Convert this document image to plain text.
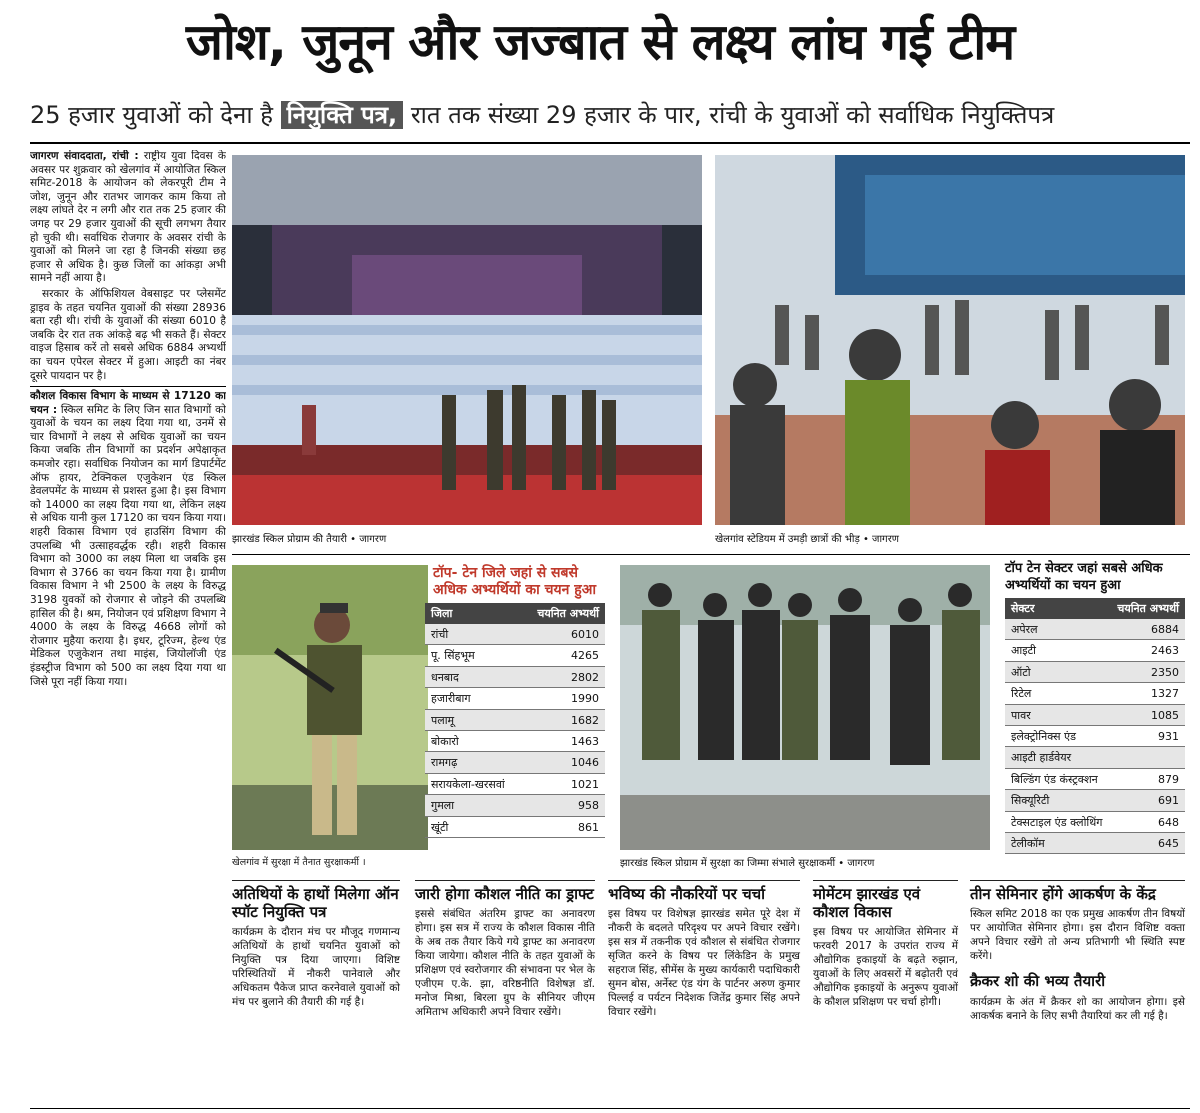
जोश, जुनून और जज्बात से लक्ष्य लांघ गई टीम
25 हजार युवाओं को देना है नियुक्ति पत्र, रात तक संख्या 29 हजार के पार, रांची के युवाओं को सर्वाधिक नियुक्तिपत्र

जागरण संवाददाता, रांची : राष्ट्रीय युवा दिवस के अवसर पर शुक्रवार को खेलगांव में आयोजित स्किल समिट-2018 के आयोजन को लेकरपूरी टीम ने जोश, जुनून और रातभर जागकर काम किया तो लक्ष्य लांघते देर न लगी और रात तक 25 हजार की जगह पर 29 हजार युवाओं की सूची लगभग तैयार हो चुकी थी। सर्वाधिक रोजगार के अवसर रांची के युवाओं को मिलने जा रहा है जिनकी संख्या छह हजार से अधिक है। कुछ जिलों का आंकड़ा अभी सामने नहीं आया है।

सरकार के ऑफिशियल वेबसाइट पर प्लेसमेंट ड्राइव के तहत चयनित युवाओं की संख्या 28936 बता रही थी। रांची के युवाओं की संख्या 6010 है जबकि देर रात तक आंकड़े बढ़ भी सकते हैं। सेक्टर वाइज हिसाब करें तो सबसे अधिक 6884 अभ्यर्थी का चयन एपेरल सेक्टर में हुआ। आइटी का नंबर दूसरे पायदान पर है।

कौशल विकास विभाग के माध्यम से 17120 का चयन : स्किल समिट के लिए जिन सात विभागों को युवाओं के चयन का लक्ष्य दिया गया था, उनमें से चार विभागों ने लक्ष्य से अधिक युवाओं का चयन किया जबकि तीन विभागों का प्रदर्शन अपेक्षाकृत कमजोर रहा। सर्वाधिक नियोजन का मार्ग डिपार्टमेंट ऑफ हायर, टेक्निकल एजुकेशन एंड स्किल डेवलपमेंट के माध्यम से प्रशस्त हुआ है। इस विभाग को 14000 का लक्ष्य दिया गया था, लेकिन लक्ष्य से अधिक यानी कुल 17120 का चयन किया गया। शहरी विकास विभाग एवं हाउसिंग विभाग की उपलब्धि भी उत्साहवर्द्धक रही। शहरी विकास विभाग को 3000 का लक्ष्य मिला था जबकि इस विभाग से 3766 का चयन किया गया है। ग्रामीण विकास विभाग ने भी 2500 के लक्ष्य के विरुद्ध 3198 युवकों को रोजगार से जोड़ने की उपलब्धि हासिल की है। श्रम, नियोजन एवं प्रशिक्षण विभाग ने 4000 के लक्ष्य के विरुद्ध 4668 लोगों को रोजगार मुहैया कराया है। इधर, टूरिज्म, हेल्थ एंड मेडिकल एजुकेशन तथा माइंस, जियोलॉजी एंड इंडस्ट्रीज विभाग को 500 का लक्ष्य दिया गया था जिसे पूरा नहीं किया गया।

झारखंड स्किल प्रोग्राम की तैयारी • जागरण	खेलगांव स्टेडियम में उमड़ी छात्रों की भीड़ • जागरण
खेलगांव में सुरक्षा में तैनात सुरक्षाकर्मी ।
टॉप- टेन जिले जहां से सबसे अधिक अभ्यर्थियों का चयन हुआ
जिला	चयनित अभ्यर्थी
रांची	6010
पू. सिंहभूम	4265
धनबाद	2802
हजारीबाग	1990
पलामू	1682
बोकारो	1463
रामगढ़	1046
सरायकेला-खरसवां	1021
गुमला	958
खूंटी	861
झारखंड स्किल प्रोग्राम में सुरक्षा का जिम्मा संभाले सुरक्षाकर्मी • जागरण
टॉप टेन सेक्टर जहां सबसे अधिक अभ्यर्थियों का चयन हुआ
सेक्टर	चयनित अभ्यर्थी
अपेरल	6884
आइटी	2463
ऑटो	2350
रिटेल	1327
पावर	1085
इलेक्ट्रोनिक्स एंड	931
आइटी हार्डवेयर
बिल्डिंग एंड कंस्ट्रक्शन	879
सिक्यूरिटी	691
टेक्सटाइल एंड क्लोथिंग	648
टेलीकॉम	645
अतिथियों के हाथों मिलेगा ऑन स्पॉट नियुक्ति पत्र

कार्यक्रम के दौरान मंच पर मौजूद गणमान्य अतिथियों के हाथों चयनित युवाओं को नियुक्ति पत्र दिया जाएगा। विशिष्ट परिस्थितियों में नौकरी पानेवाले और अधिकतम पैकेज प्राप्त करनेवाले युवाओं को मंच पर बुलाने की तैयारी की गई है।

जारी होगा कौशल नीति का ड्राफ्ट

इससे संबंधित अंतरिम ड्राफ्ट का अनावरण होगा। इस सत्र में राज्य के कौशल विकास नीति के अब तक तैयार किये गये ड्राफ्ट का अनावरण किया जायेगा। कौशल नीति के तहत युवाओं के प्रशिक्षण एवं स्वरोजगार की संभावना पर भेल के एजीएम ए.के. झा, वरिष्ठनीति विशेषज्ञ डॉ. मनोज मिश्रा, बिरला ग्रुप के सीनियर जीएम अमिताभ अधिकारी अपने विचार रखेंगे।

भविष्य की नौकरियों पर चर्चा

इस विषय पर विशेषज्ञ झारखंड समेत पूरे देश में नौकरी के बदलते परिदृश्य पर अपने विचार रखेंगे। इस सत्र में तकनीक एवं कौशल से संबंधित रोजगार सृजित करने के विषय पर लिंकेडिन के प्रमुख सहराज सिंह, सीमेंस के मुख्य कार्यकारी पदाधिकारी सुमन बोस, अर्नेस्ट एंड यंग के पार्टनर अरुण कुमार पिल्लई व पर्यटन निदेशक जितेंद्र कुमार सिंह अपने विचार रखेंगे।

मोमेंटम झारखंड एवं कौशल विकास

इस विषय पर आयोजित सेमिनार में फरवरी 2017 के उपरांत राज्य में औद्योगिक इकाइयों के बढ़ते रुझान, युवाओं के लिए अवसरों में बढ़ोतरी एवं औद्योगिक इकाइयों के अनुरूप युवाओं के कौशल प्रशिक्षण पर चर्चा होगी।

तीन सेमिनार होंगे आकर्षण के केंद्र

स्किल समिट 2018 का एक प्रमुख आकर्षण तीन विषयों पर आयोजित सेमिनार होगा। इस दौरान विशिष्ट वक्ता अपने विचार रखेंगे तो अन्य प्रतिभागी भी स्थिति स्पष्ट करेंगे।

क्रैकर शो की भव्य तैयारी

कार्यक्रम के अंत में क्रैकर शो का आयोजन होगा। इसे आकर्षक बनाने के लिए सभी तैयारियां कर ली गई है।
